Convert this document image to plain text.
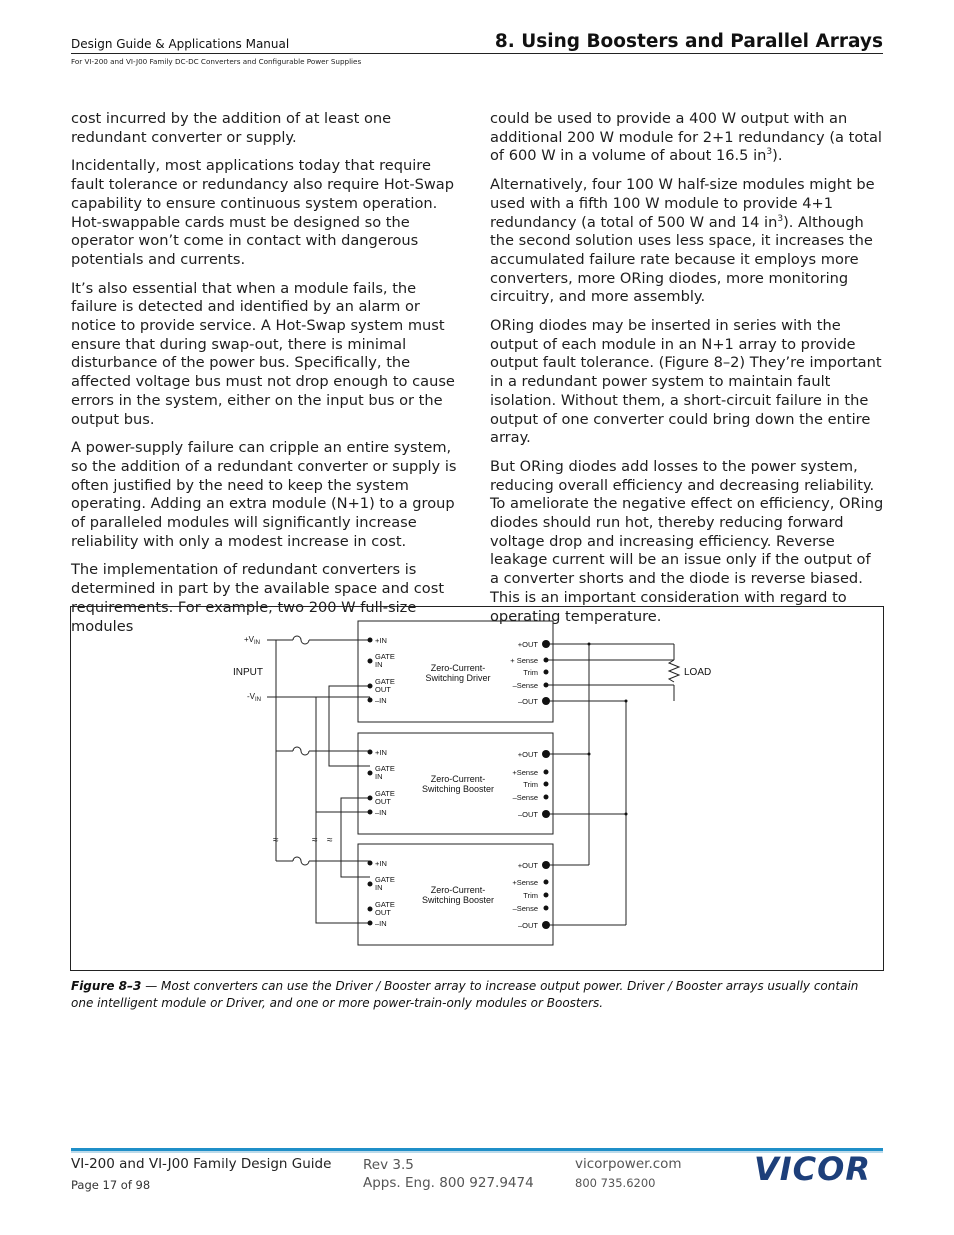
Design Guide & Applications Manual
For VI-200 and VI-J00 Family DC-DC Converters and Configurable Power Supplies
8. Using Boosters and Parallel Arrays

cost incurred by the addition of at least one redundant converter or supply.

Incidentally, most applications today that require fault tolerance or redundancy also require Hot-Swap capability to ensure continuous system operation. Hot-swappable cards must be designed so the operator won’t come in contact with dangerous potentials and currents.

It’s also essential that when a module fails, the failure is detected and identified by an alarm or notice to provide service. A Hot-Swap system must ensure that during swap-out, there is minimal disturbance of the power bus. Specifically, the affected voltage bus must not drop enough to cause errors in the system, either on the input bus or the output bus.

A power-supply failure can cripple an entire system, so the addition of a redundant converter or supply is often justified by the need to keep the system operating. Adding an extra module (N+1) to a group of paralleled modules will significantly increase reliability with only a modest increase in cost.

The implementation of redundant converters is determined in part by the available space and cost requirements. For example, two 200 W full-size modules

could be used to provide a 400 W output with an additional 200 W module for 2+1 redundancy (a total of 600 W in a volume of about 16.5 $in^3$).

Alternatively, four 100 W half-size modules might be used with a fifth 100 W module to provide 4+1 redundancy (a total of 500 W and 14 $in^3$). Although the second solution uses less space, it increases the accumulated failure rate because it employs more converters, more ORing diodes, more monitoring circuitry, and more assembly.

ORing diodes may be inserted in series with the output of each module in an N+1 array to provide output fault tolerance. (Figure 8–2) They’re important in a redundant power system to maintain fault isolation. Without them, a short-circuit failure in the output of one converter could bring down the entire array.

But ORing diodes add losses to the power system, reducing overall efficiency and decreasing reliability. To ameliorate the negative effect on efficiency, ORing diodes should run hot, thereby reducing forward voltage drop and increasing efficiency. Reverse leakage current will be an issue only if the output of a converter shorts and the diode is reverse biased. This is an important consideration with regard to operating temperature.

$+V_{IN}$
$-V_{IN}$
INPUT	LOAD
≈	≈ ≈
+IN
GATE
IN
GATE
OUT
–IN
Zero-Current-
Switching Driver
+OUT
+ Sense
Trim
–Sense
–OUT
+IN
GATE
IN
GATE
OUT
–IN
Zero-Current-
Switching Booster
+OUT
+Sense
Trim
–Sense
–OUT
+IN
GATE
IN
GATE
OUT
–IN
Zero-Current-
Switching Booster
+OUT
+Sense
Trim
–Sense
–OUT
Figure 8–3 — Most converters can use the Driver / Booster array to increase output power. Driver / Booster arrays usually contain one intelligent module or Driver, and one or more power-train-only modules or Boosters.
VI-200 and VI-J00 Family Design Guide
Page 17 of 98
Rev 3.5
Apps. Eng. 800 927.9474
vicorpower.com
800 735.6200	VICOR
